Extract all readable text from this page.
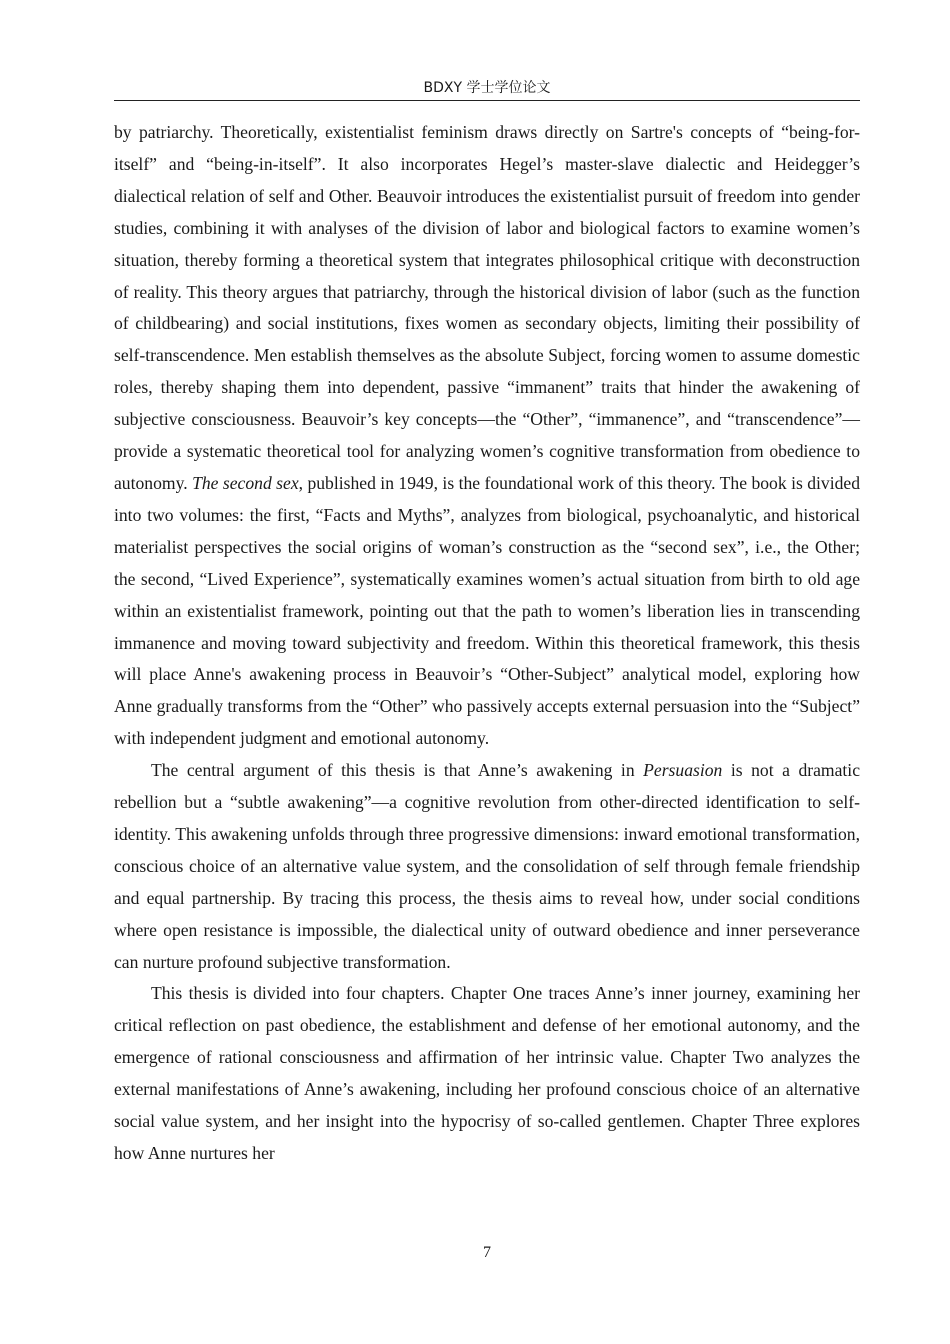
BDXY 学士学位论文

by patriarchy. Theoretically, existentialist feminism draws directly on Sartre's concepts of “being-for-itself” and “being-in-itself”. It also incorporates Hegel’s master-slave dialectic and Heidegger’s dialectical relation of self and Other. Beauvoir introduces the existentialist pursuit of freedom into gender studies, combining it with analyses of the division of labor and biological factors to examine women’s situation, thereby forming a theoretical system that integrates philosophical critique with deconstruction of reality. This theory argues that patriarchy, through the historical division of labor (such as the function of childbearing) and social institutions, fixes women as secondary objects, limiting their possibility of self-transcendence. Men establish themselves as the absolute Subject, forcing women to assume domestic roles, thereby shaping them into dependent, passive “immanent” traits that hinder the awakening of subjective consciousness. Beauvoir’s key concepts—the “Other”, “immanence”, and “transcendence”—provide a systematic theoretical tool for analyzing women’s cognitive transformation from obedience to autonomy. The second sex, published in 1949, is the foundational work of this theory. The book is divided into two volumes: the first, “Facts and Myths”, analyzes from biological, psychoanalytic, and historical materialist perspectives the social origins of woman’s construction as the “second sex”, i.e., the Other; the second, “Lived Experience”, systematically examines women’s actual situation from birth to old age within an existentialist framework, pointing out that the path to women’s liberation lies in transcending immanence and moving toward subjectivity and freedom. Within this theoretical framework, this thesis will place Anne's awakening process in Beauvoir’s “Other-Subject” analytical model, exploring how Anne gradually transforms from the “Other” who passively accepts external persuasion into the “Subject” with independent judgment and emotional autonomy.

The central argument of this thesis is that Anne’s awakening in Persuasion is not a dramatic rebellion but a “subtle awakening”—a cognitive revolution from other-directed identification to self-identity. This awakening unfolds through three progressive dimensions: inward emotional transformation, conscious choice of an alternative value system, and the consolidation of self through female friendship and equal partnership. By tracing this process, the thesis aims to reveal how, under social conditions where open resistance is impossible, the dialectical unity of outward obedience and inner perseverance can nurture profound subjective transformation.

This thesis is divided into four chapters. Chapter One traces Anne’s inner journey, examining her critical reflection on past obedience, the establishment and defense of her emotional autonomy, and the emergence of rational consciousness and affirmation of her intrinsic value. Chapter Two analyzes the external manifestations of Anne’s awakening, including her profound conscious choice of an alternative social value system, and her insight into the hypocrisy of so-called gentlemen. Chapter Three explores how Anne nurtures her

7
